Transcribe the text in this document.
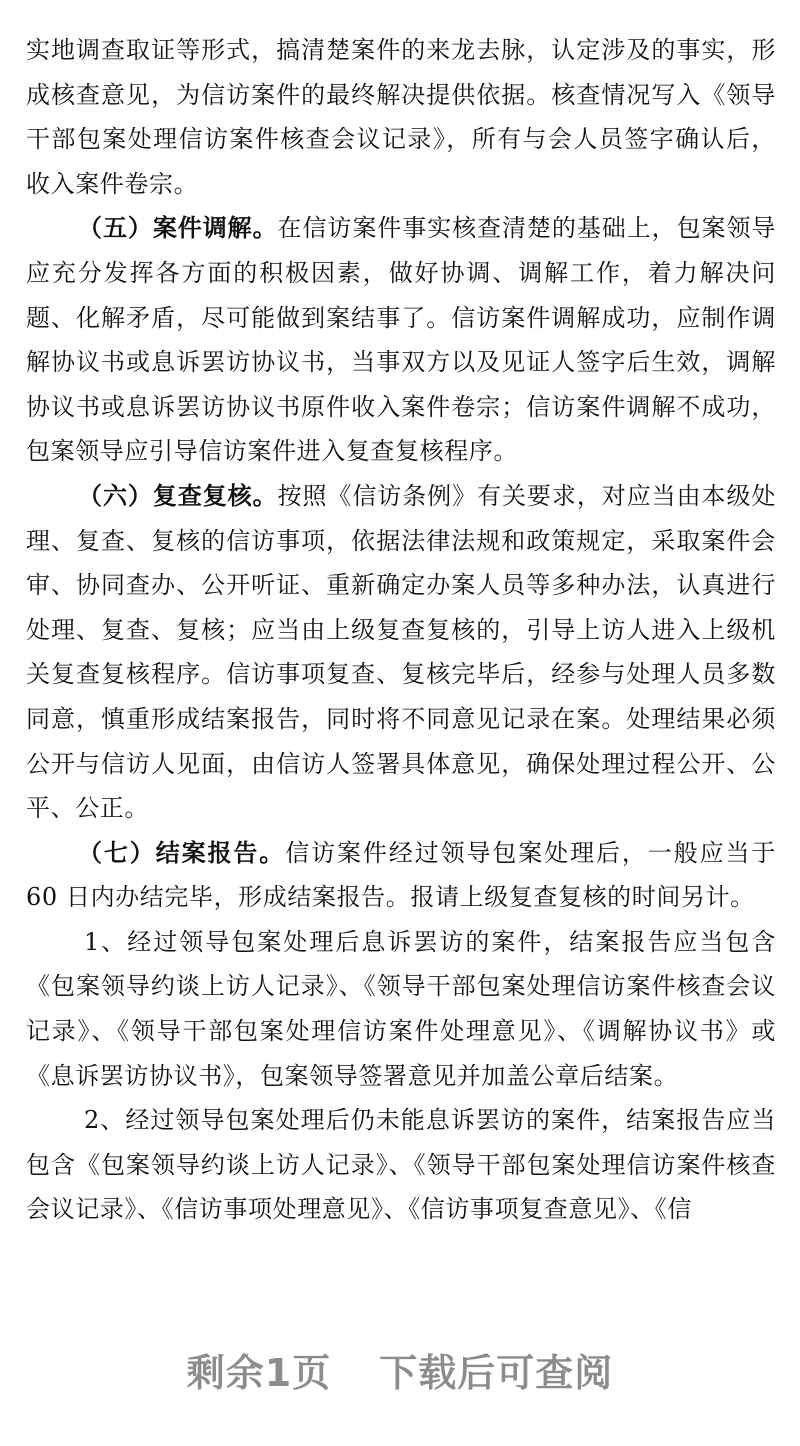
实地调查取证等形式，搞清楚案件的来龙去脉，认定涉及的事实，形成核查意见，为信访案件的最终解决提供依据。核查情况写入《领导干部包案处理信访案件核查会议记录》，所有与会人员签字确认后，收入案件卷宗。

（五）案件调解。在信访案件事实核查清楚的基础上，包案领导应充分发挥各方面的积极因素，做好协调、调解工作，着力解决问题、化解矛盾，尽可能做到案结事了。信访案件调解成功，应制作调解协议书或息诉罢访协议书，当事双方以及见证人签字后生效，调解协议书或息诉罢访协议书原件收入案件卷宗；信访案件调解不成功，包案领导应引导信访案件进入复查复核程序。

（六）复查复核。按照《信访条例》有关要求，对应当由本级处理、复查、复核的信访事项，依据法律法规和政策规定，采取案件会审、协同查办、公开听证、重新确定办案人员等多种办法，认真进行处理、复查、复核；应当由上级复查复核的，引导上访人进入上级机关复查复核程序。信访事项复查、复核完毕后，经参与处理人员多数同意，慎重形成结案报告，同时将不同意见记录在案。处理结果必须公开与信访人见面，由信访人签署具体意见，确保处理过程公开、公平、公正。

（七）结案报告。信访案件经过领导包案处理后，一般应当于 60 日内办结完毕，形成结案报告。报请上级复查复核的时间另计。

1、经过领导包案处理后息诉罢访的案件，结案报告应当包含《包案领导约谈上访人记录》、《领导干部包案处理信访案件核查会议记录》、《领导干部包案处理信访案件处理意见》、《调解协议书》或《息诉罢访协议书》，包案领导签署意见并加盖公章后结案。

2、经过领导包案处理后仍未能息诉罢访的案件，结案报告应当包含《包案领导约谈上访人记录》、《领导干部包案处理信访案件核查会议记录》、《信访事项处理意见》、《信访事项复查意见》、《信

剩余1页 下载后可查阅
